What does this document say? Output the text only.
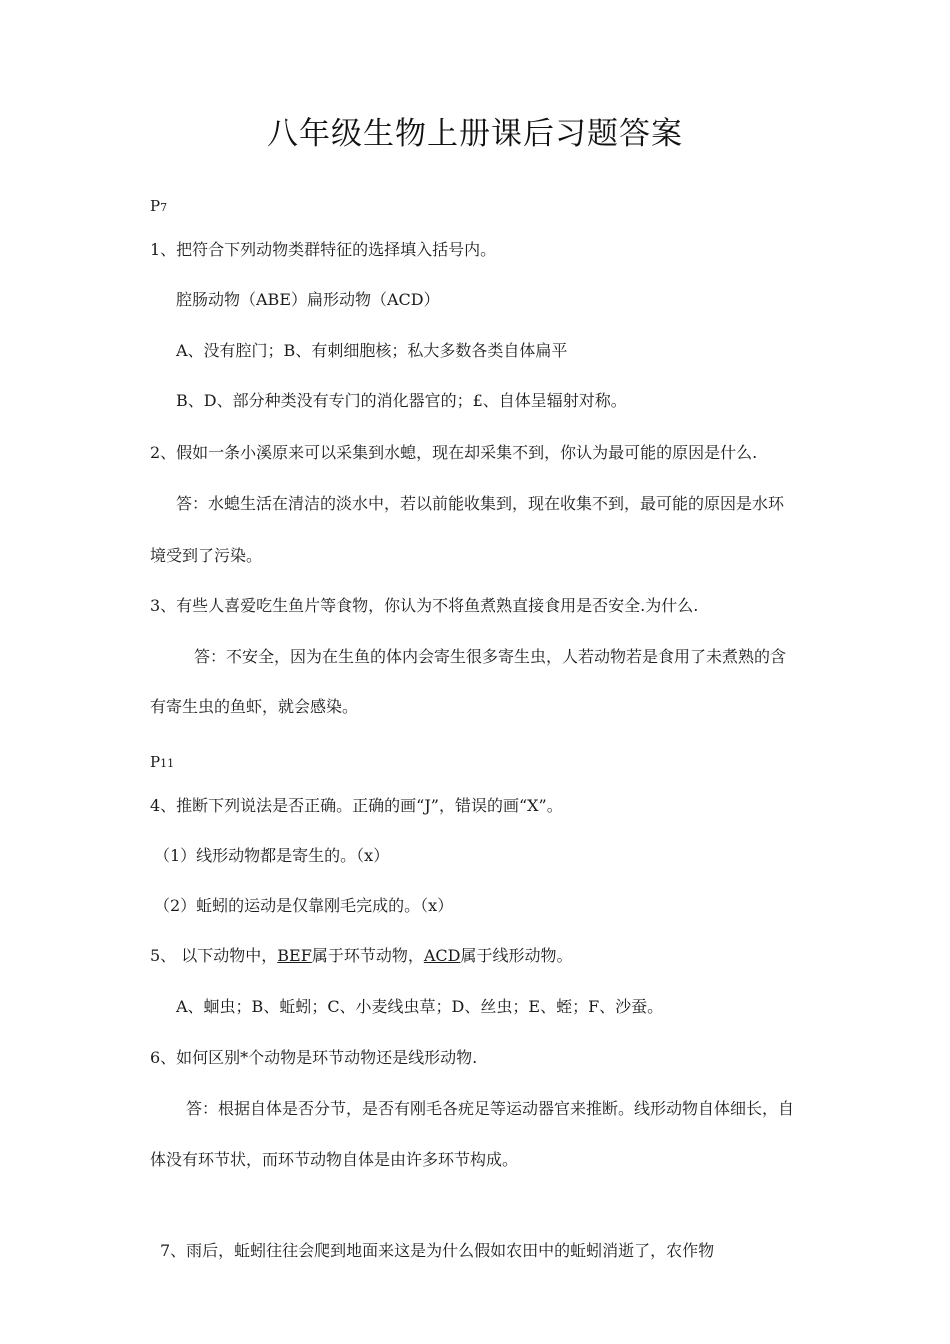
八年级生物上册课后习题答案
P7
1、把符合下列动物类群特征的选择填入括号内。
腔肠动物（ABE）扁形动物（ACD）
A、没有腔门；B、有刺细胞核；私大多数各类自体扁平
B、D、部分种类没有专门的消化器官的；£、自体呈辐射对称。
2、假如一条小溪原来可以采集到水螅，现在却采集不到，你认为最可能的原因是什么.
答：水螅生活在清洁的淡水中，若以前能收集到，现在收集不到，最可能的原因是水环
境受到了污染。
3、有些人喜爱吃生鱼片等食物，你认为不将鱼煮熟直接食用是否安全.为什么.
答：不安全，因为在生鱼的体内会寄生很多寄生虫，人若动物若是食用了未煮熟的含
有寄生虫的鱼虾，就会感染。
P11
4、推断下列说法是否正确。正确的画“J”，错误的画“X”。
（1）线形动物都是寄生的。（x）
（2）蚯蚓的运动是仅靠刚毛完成的。（x）
5、 以下动物中，BEF属于环节动物，ACD属于线形动物。
A、蛔虫；B、蚯蚓；C、小麦线虫草；D、丝虫；E、蛭；F、沙蚕。
6、如何区别*个动物是环节动物还是线形动物.
答：根据自体是否分节，是否有刚毛各疣足等运动器官来推断。线形动物自体细长，自
体没有环节状，而环节动物自体是由许多环节构成。
7、雨后，蚯蚓往往会爬到地面来这是为什么假如农田中的蚯蚓消逝了，农作物
